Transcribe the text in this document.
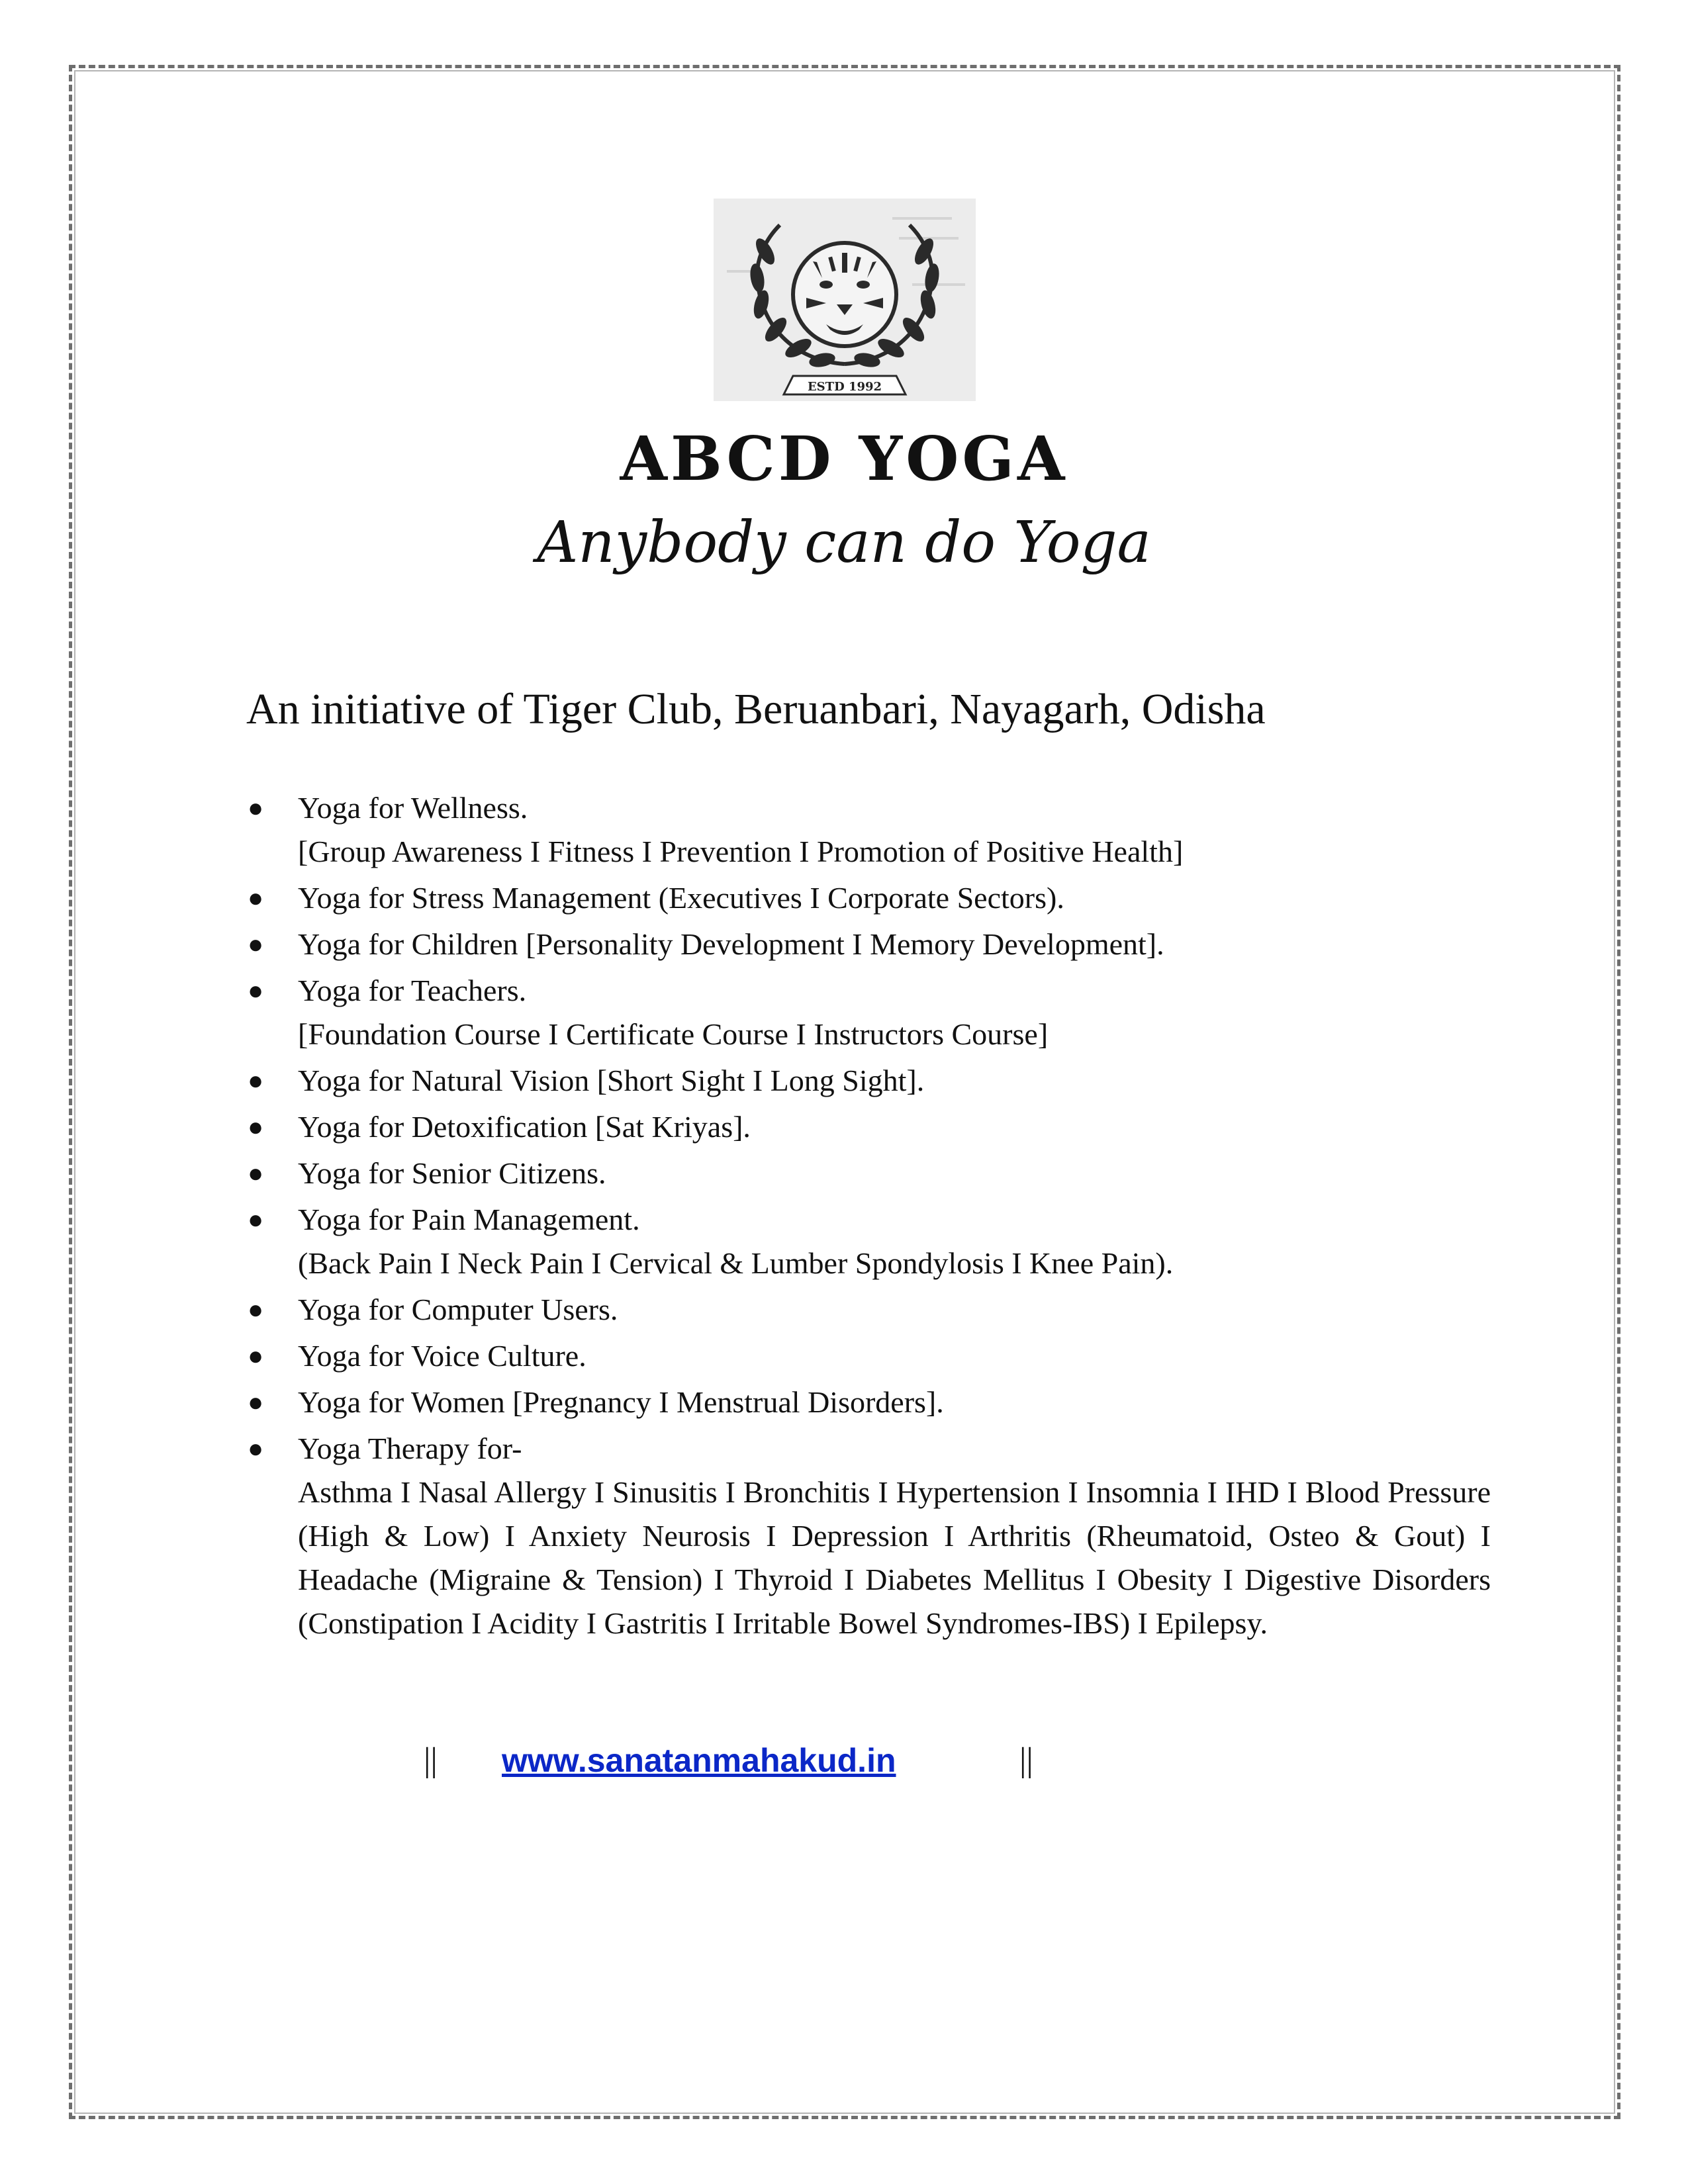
ESTD 1992
ABCD YOGA
Anybody can do Yoga
An initiative of Tiger Club, Beruanbari, Nayagarh, Odisha
● Yoga for Wellness.
[Group Awareness I Fitness I Prevention I Promotion of Positive Health]
● Yoga for Stress Management (Executives I Corporate Sectors).
● Yoga for Children [Personality Development I Memory Development].
● Yoga for Teachers.
[Foundation Course I Certificate Course I Instructors Course]
● Yoga for Natural Vision [Short Sight I Long Sight].
● Yoga for Detoxification [Sat Kriyas].
● Yoga for Senior Citizens.
● Yoga for Pain Management.
(Back Pain I Neck Pain I Cervical & Lumber Spondylosis I Knee Pain).
● Yoga for Computer Users.
● Yoga for Voice Culture.
● Yoga for Women [Pregnancy I Menstrual Disorders].
● Yoga Therapy for-
Asthma I Nasal Allergy I Sinusitis I Bronchitis I Hypertension I Insomnia I IHD I Blood Pressure (High & Low) I Anxiety Neurosis I Depression I Arthritis (Rheumatoid, Osteo & Gout) I Headache (Migraine & Tension) I Thyroid I Diabetes Mellitus I Obesity I Digestive Disorders (Constipation I Acidity I Gastritis I Irritable Bowel Syndromes-IBS) I Epilepsy.
|| www.sanatanmahakud.in	||
